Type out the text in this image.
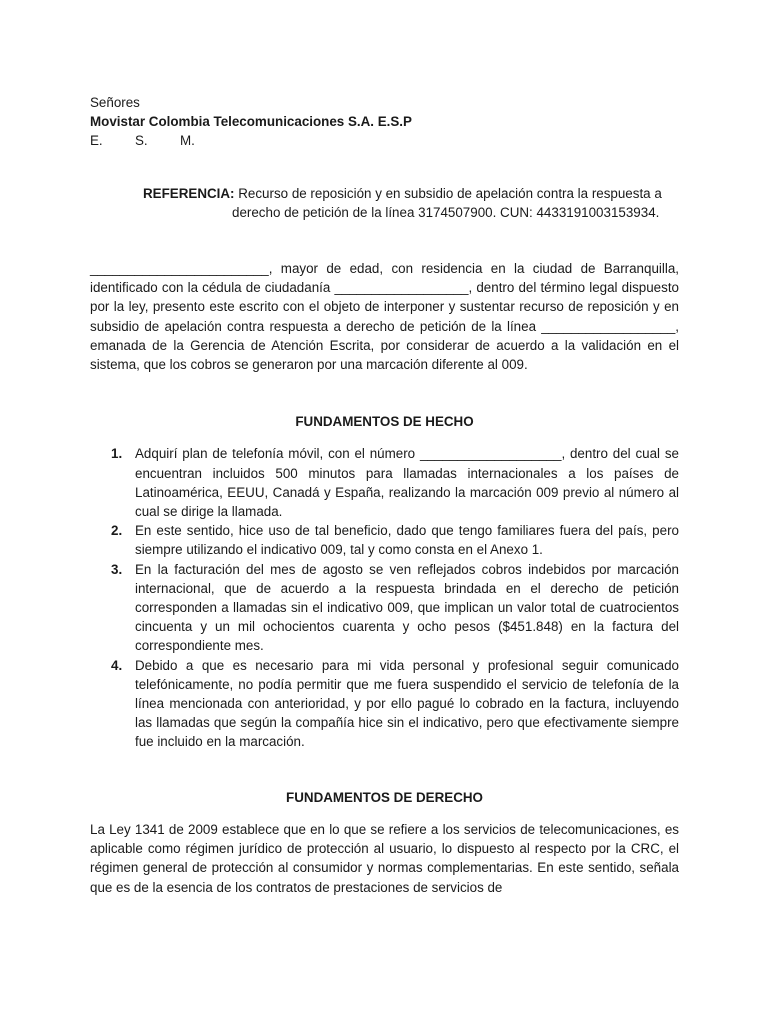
Señores

Movistar Colombia Telecomunicaciones S.A. E.S.P

E.	S.	M.

REFERENCIA: Recurso de reposición y en subsidio de apelación contra la respuesta a
derecho de petición de la línea 3174507900. CUN: 4433191003153934.

________________________, mayor de edad, con residencia en la ciudad de Barranquilla, identificado con la cédula de ciudadanía __________________, dentro del término legal dispuesto por la ley, presento este escrito con el objeto de interponer y sustentar recurso de reposición y en subsidio de apelación contra respuesta a derecho de petición de la línea __________________, emanada de la Gerencia de Atención Escrita, por considerar de acuerdo a la validación en el sistema, que los cobros se generaron por una marcación diferente al 009.

FUNDAMENTOS DE HECHO
1. Adquirí plan de telefonía móvil, con el número ___________________, dentro del cual se encuentran incluidos 500 minutos para llamadas internacionales a los países de Latinoamérica, EEUU, Canadá y España, realizando la marcación 009 previo al número al cual se dirige la llamada.
2. En este sentido, hice uso de tal beneficio, dado que tengo familiares fuera del país, pero siempre utilizando el indicativo 009, tal y como consta en el Anexo 1.
3. En la facturación del mes de agosto se ven reflejados cobros indebidos por marcación internacional, que de acuerdo a la respuesta brindada en el derecho de petición corresponden a llamadas sin el indicativo 009, que implican un valor total de cuatrocientos cincuenta y un mil ochocientos cuarenta y ocho pesos ($451.848) en la factura del correspondiente mes.
4. Debido a que es necesario para mi vida personal y profesional seguir comunicado telefónicamente, no podía permitir que me fuera suspendido el servicio de telefonía de la línea mencionada con anterioridad, y por ello pagué lo cobrado en la factura, incluyendo las llamadas que según la compañía hice sin el indicativo, pero que efectivamente siempre fue incluido en la marcación.
FUNDAMENTOS DE DERECHO

La Ley 1341 de 2009 establece que en lo que se refiere a los servicios de telecomunicaciones, es aplicable como régimen jurídico de protección al usuario, lo dispuesto al respecto por la CRC, el régimen general de protección al consumidor y normas complementarias. En este sentido, señala que es de la esencia de los contratos de prestaciones de servicios de
